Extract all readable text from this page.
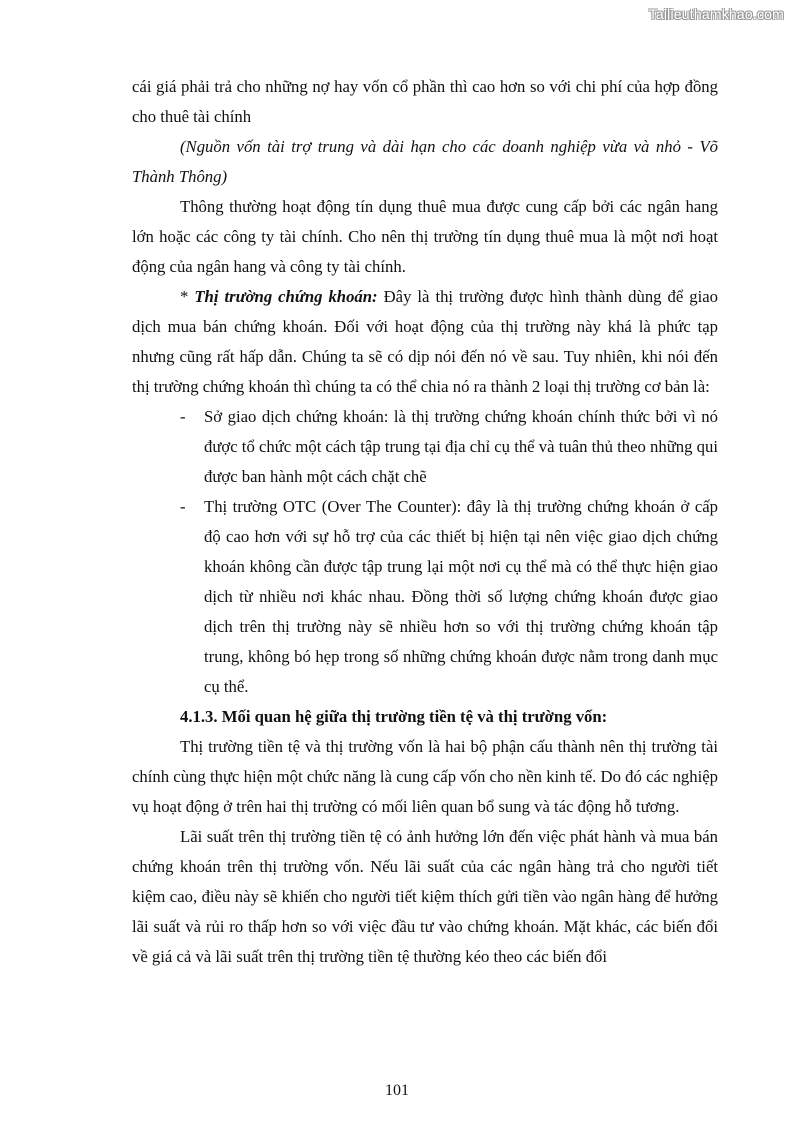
Tailieuthamkhao.com

cái giá phải trả cho những nợ hay vốn cổ phần thì cao hơn so với chi phí của hợp đồng cho thuê tài chính

(Nguồn vốn tài trợ trung và dài hạn cho các doanh nghiệp vừa và nhỏ - Võ Thành Thông)

Thông thường hoạt động tín dụng thuê mua được cung cấp bởi các ngân hang lớn hoặc các công ty tài chính. Cho nên thị trường tín dụng thuê mua là một nơi hoạt động của ngân hang và công ty tài chính.

* Thị trường chứng khoán: Đây là thị trường được hình thành dùng để giao dịch mua bán chứng khoán. Đối với hoạt động của thị trường này khá là phức tạp nhưng cũng rất hấp dẫn. Chúng ta sẽ có dịp nói đến nó về sau. Tuy nhiên, khi nói đến thị trường chứng khoán thì chúng ta có thể chia nó ra thành 2 loại thị trường cơ bản là:

- Sở giao dịch chứng khoán: là thị trường chứng khoán chính thức bởi vì nó được tổ chức một cách tập trung tại địa chỉ cụ thể và tuân thủ theo những qui được ban hành một cách chặt chẽ
- Thị trường OTC (Over The Counter): đây là thị trường chứng khoán ở cấp độ cao hơn với sự hỗ trợ của các thiết bị hiện tại nên việc giao dịch chứng khoán không cần được tập trung lại một nơi cụ thể mà có thể thực hiện giao dịch từ nhiều nơi khác nhau. Đồng thời số lượng chứng khoán được giao dịch trên thị trường này sẽ nhiều hơn so với thị trường chứng khoán tập trung, không bó hẹp trong số những chứng khoán được nằm trong danh mục cụ thể.

4.1.3. Mối quan hệ giữa thị trường tiền tệ và thị trường vốn:

Thị trường tiền tệ và thị trường vốn là hai bộ phận cấu thành nên thị trường tài chính cùng thực hiện một chức năng là cung cấp vốn cho nền kinh tế. Do đó các nghiệp vụ hoạt động ở trên hai thị trường có mối liên quan bổ sung và tác động hỗ tương.

Lãi suất trên thị trường tiền tệ có ảnh hưởng lớn đến việc phát hành và mua bán chứng khoán trên thị trường vốn. Nếu lãi suất của các ngân hàng trả cho người tiết kiệm cao, điều này sẽ khiến cho người tiết kiệm thích gửi tiền vào ngân hàng để hưởng lãi suất và rủi ro thấp hơn so với việc đầu tư vào chứng khoán. Mặt khác, các biến đổi về giá cả và lãi suất trên thị trường tiền tệ thường kéo theo các biến đổi

101
